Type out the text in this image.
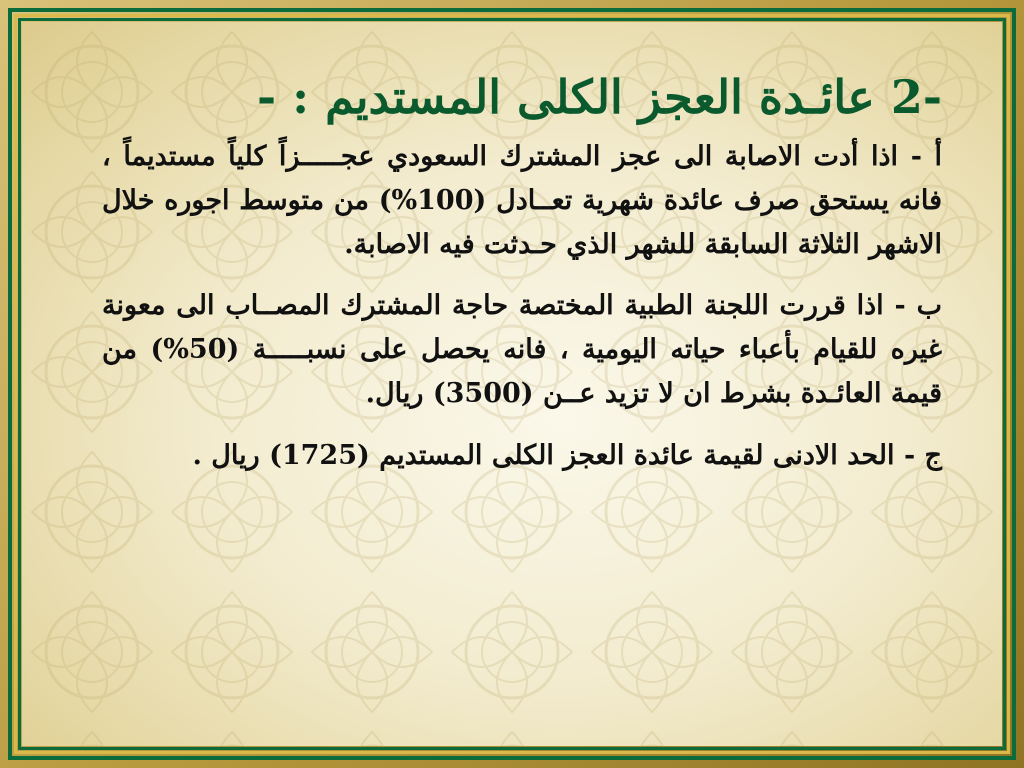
-2 عائـدة العجز الكلى المستديم : -

أ - اذا أدت الاصابة الى عجز المشترك السعودي عجـــــزاً كلياً مستديماً ، فانه يستحق صرف عائدة شهرية تعــادل (100%) من متوسط اجوره خلال الاشهر الثلاثة السابقة للشهر الذي حـدثت فيه الاصابة.

ب - اذا قررت اللجنة الطبية المختصة حاجة المشترك المصــاب الى معونة غيره للقيام بأعباء حياته اليومية ، فانه يحصل على نسبـــــة (50%) من قيمة العائـدة بشرط ان لا تزيد عــن (3500) ريال.

ج - الحد الادنى لقيمة عائدة العجز الكلى المستديم (1725) ريال .
